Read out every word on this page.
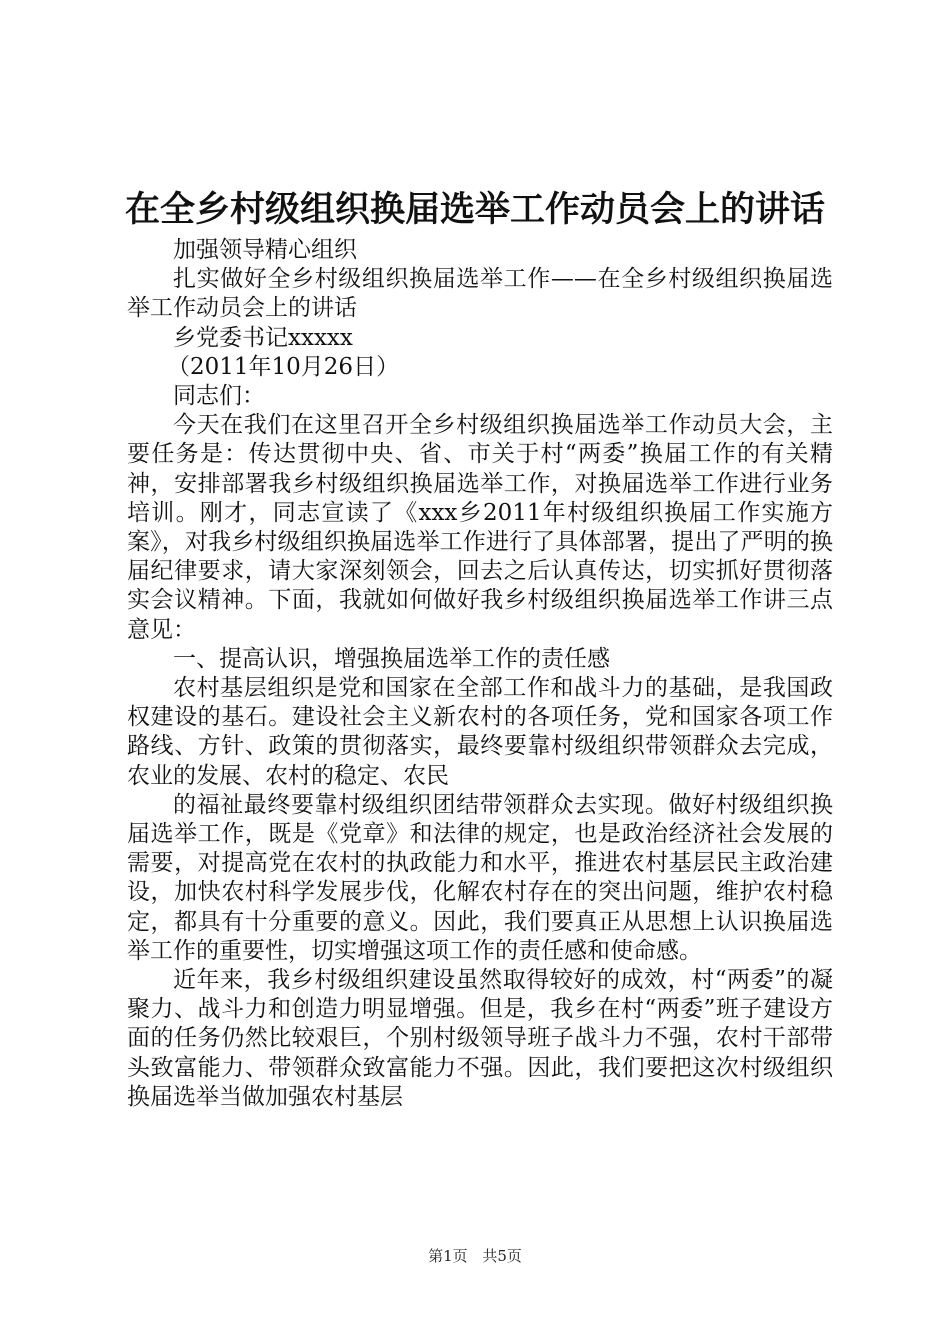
在全乡村级组织换届选举工作动员会上的讲话

加强领导精心组织

扎实做好全乡村级组织换届选举工作——在全乡村级组织换届选举工作动员会上的讲话

乡党委书记xxxxx

（2011年10月26日）

同志们：

今天在我们在这里召开全乡村级组织换届选举工作动员大会，主要任务是：传达贯彻中央、省、市关于村“两委”换届工作的有关精神，安排部署我乡村级组织换届选举工作，对换届选举工作进行业务培训。刚才，同志宣读了《xxx乡2011年村级组织换届工作实施方案》，对我乡村级组织换届选举工作进行了具体部署，提出了严明的换届纪律要求，请大家深刻领会，回去之后认真传达，切实抓好贯彻落实会议精神。下面，我就如何做好我乡村级组织换届选举工作讲三点意见：

一、提高认识，增强换届选举工作的责任感

农村基层组织是党和国家在全部工作和战斗力的基础，是我国政权建设的基石。建设社会主义新农村的各项任务，党和国家各项工作路线、方针、政策的贯彻落实，最终要靠村级组织带领群众去完成，农业的发展、农村的稳定、农民

的福祉最终要靠村级组织团结带领群众去实现。做好村级组织换届选举工作，既是《党章》和法律的规定，也是政治经济社会发展的需要，对提高党在农村的执政能力和水平，推进农村基层民主政治建设，加快农村科学发展步伐，化解农村存在的突出问题，维护农村稳定，都具有十分重要的意义。因此，我们要真正从思想上认识换届选举工作的重要性，切实增强这项工作的责任感和使命感。

近年来，我乡村级组织建设虽然取得较好的成效，村“两委”的凝聚力、战斗力和创造力明显增强。但是，我乡在村“两委”班子建设方面的任务仍然比较艰巨，个别村级领导班子战斗力不强，农村干部带头致富能力、带领群众致富能力不强。因此，我们要把这次村级组织换届选举当做加强农村基层

第1页 共5页
